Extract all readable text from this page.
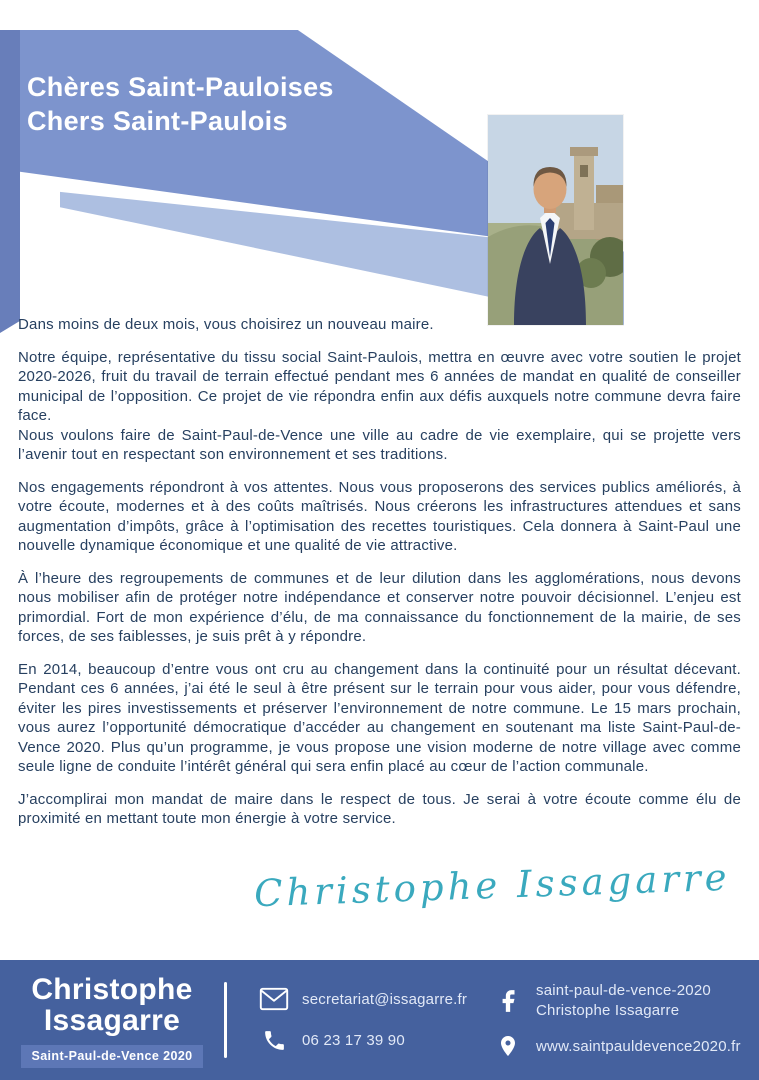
Chères Saint-Pauloises
Chers Saint-Paulois

Dans moins de deux mois, vous choisirez un nouveau maire.

Notre équipe, représentative du tissu social Saint-Paulois, mettra en œuvre avec votre soutien le projet 2020-2026, fruit du travail de terrain effectué pendant mes 6 années de mandat en qualité de conseiller municipal de l’opposition. Ce projet de vie répondra enfin aux défis auxquels notre commune devra faire face.

Nous voulons faire de Saint-Paul-de-Vence une ville au cadre de vie exemplaire, qui se projette vers l’avenir tout en respectant son environnement et ses traditions.

Nos engagements répondront à vos attentes. Nous vous proposerons des services publics améliorés, à votre écoute, modernes et à des coûts maîtrisés. Nous créerons les infrastructures attendues et sans augmentation d’impôts, grâce à l’optimisation des recettes touristiques. Cela donnera à Saint-Paul une nouvelle dynamique économique et une qualité de vie attractive.

À l’heure des regroupements de communes et de leur dilution dans les agglomérations, nous devons nous mobiliser afin de protéger notre indépendance et conserver notre pouvoir décisionnel. L’enjeu est primordial. Fort de mon expérience d’élu, de ma connaissance du fonctionnement de la mairie, de ses forces, de ses faiblesses, je suis prêt à y répondre.

En 2014, beaucoup d’entre vous ont cru au changement dans la continuité pour un résultat décevant. Pendant ces 6 années, j’ai été le seul à être présent sur le terrain pour vous aider, pour vous défendre, éviter les pires investissements et préserver l’environnement de notre commune. Le 15 mars prochain, vous aurez l’opportunité démocratique d’accéder au changement en soutenant ma liste Saint-Paul-de-Vence 2020. Plus qu’un programme, je vous propose une vision moderne de notre village avec comme seule ligne de conduite l’intérêt général qui sera enfin placé au cœur de l’action communale.

J’accomplirai mon mandat de maire dans le respect de tous. Je serai à votre écoute comme élu de proximité en mettant toute mon énergie à votre service.

Christophe Issagarre
Christophe
Issagarre
Saint-Paul-de-Vence 2020
secretariat@issagarre.fr
06 23 17 39 90
saint-paul-de-vence-2020
Christophe Issagarre
www.saintpauldevence2020.fr
